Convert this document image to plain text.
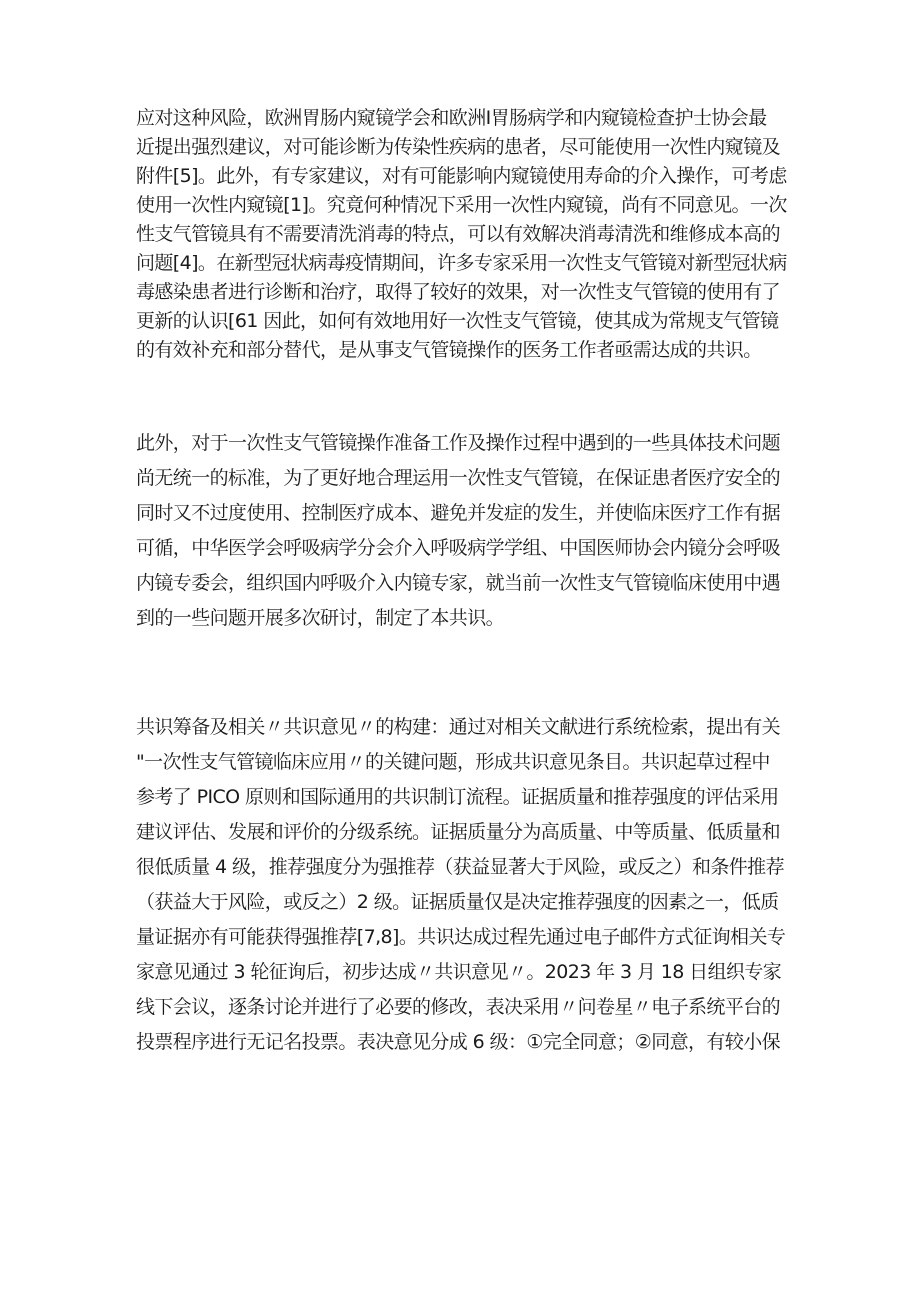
应对这种风险，欧洲胃肠内窥镜学会和欧洲Ⅰ胃肠病学和内窥镜检查护士协会最
近提出强烈建议，对可能诊断为传染性疾病的患者，尽可能使用一次性内窥镜及
附件[5]。此外，有专家建议，对有可能影响内窥镜使用寿命的介入操作，可考虑
使用一次性内窥镜[1]。究竟何种情况下采用一次性内窥镜，尚有不同意见。一次
性支气管镜具有不需要清洗消毒的特点，可以有效解决消毒清洗和维修成本高的
问题[4]。在新型冠状病毒疫情期间，许多专家采用一次性支气管镜对新型冠状病
毒感染患者进行诊断和治疗，取得了较好的效果，对一次性支气管镜的使用有了
更新的认识[61 因此，如何有效地用好一次性支气管镜，使其成为常规支气管镜
的有效补充和部分替代，是从事支气管镜操作的医务工作者亟需达成的共识。

此外，对于一次性支气管镜操作准备工作及操作过程中遇到的一些具体技术问题
尚无统一的标准，为了更好地合理运用一次性支气管镜，在保证患者医疗安全的
同时又不过度使用、控制医疗成本、避免并发症的发生，并使临床医疗工作有据
可循，中华医学会呼吸病学分会介入呼吸病学学组、中国医师协会内镜分会呼吸
内镜专委会，组织国内呼吸介入内镜专家，就当前一次性支气管镜临床使用中遇
到的一些问题开展多次研讨，制定了本共识。

共识筹备及相关〃共识意见〃的构建：通过对相关文献进行系统检索，提出有关
"一次性支气管镜临床应用〃的关键问题，形成共识意见条目。共识起草过程中
参考了 PICO 原则和国际通用的共识制订流程。证据质量和推荐强度的评估采用
建议评估、发展和评价的分级系统。证据质量分为高质量、中等质量、低质量和
很低质量 4 级，推荐强度分为强推荐（获益显著大于风险，或反之）和条件推荐
（获益大于风险，或反之）2 级。证据质量仅是决定推荐强度的因素之一，低质
量证据亦有可能获得强推荐[7,8]。共识达成过程先通过电子邮件方式征询相关专
家意见通过 3 轮征询后，初步达成〃共识意见〃。2023 年 3 月 18 日组织专家
线下会议，逐条讨论并进行了必要的修改，表决采用〃问卷星〃电子系统平台的
投票程序进行无记名投票。表决意见分成 6 级：①完全同意；②同意，有较小保
